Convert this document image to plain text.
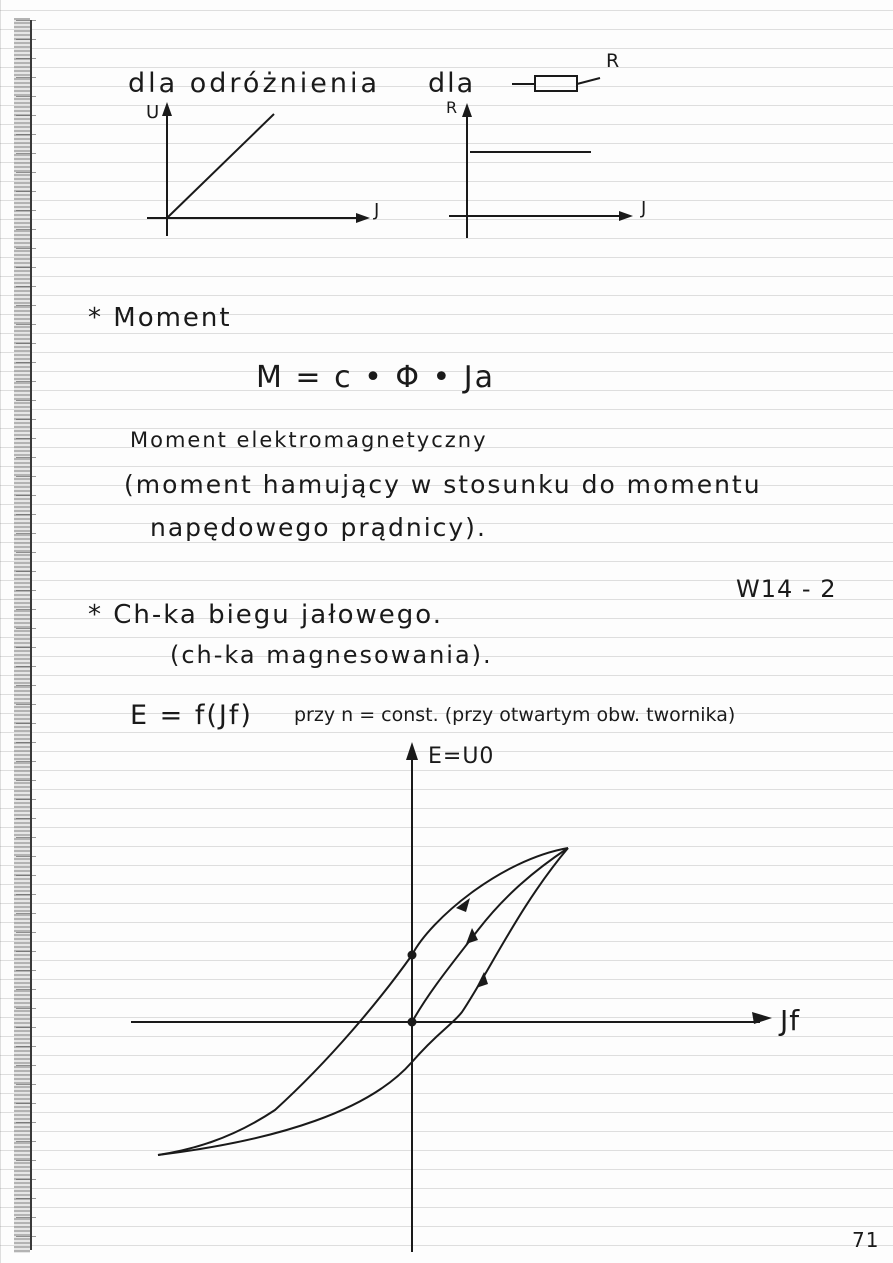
dla odróżnienia dla
R
U
J
R
J
* Moment
M = c • Φ • Ja
Moment elektromagnetyczny
(moment hamujący w stosunku do momentu
napędowego prądnicy).
W14 - 2
* Ch-ka biegu jałowego.
(ch-ka magnesowania).
E = f(Jf) przy n = const. (przy otwartym obw. twornika)
E=U0
Jf
71
